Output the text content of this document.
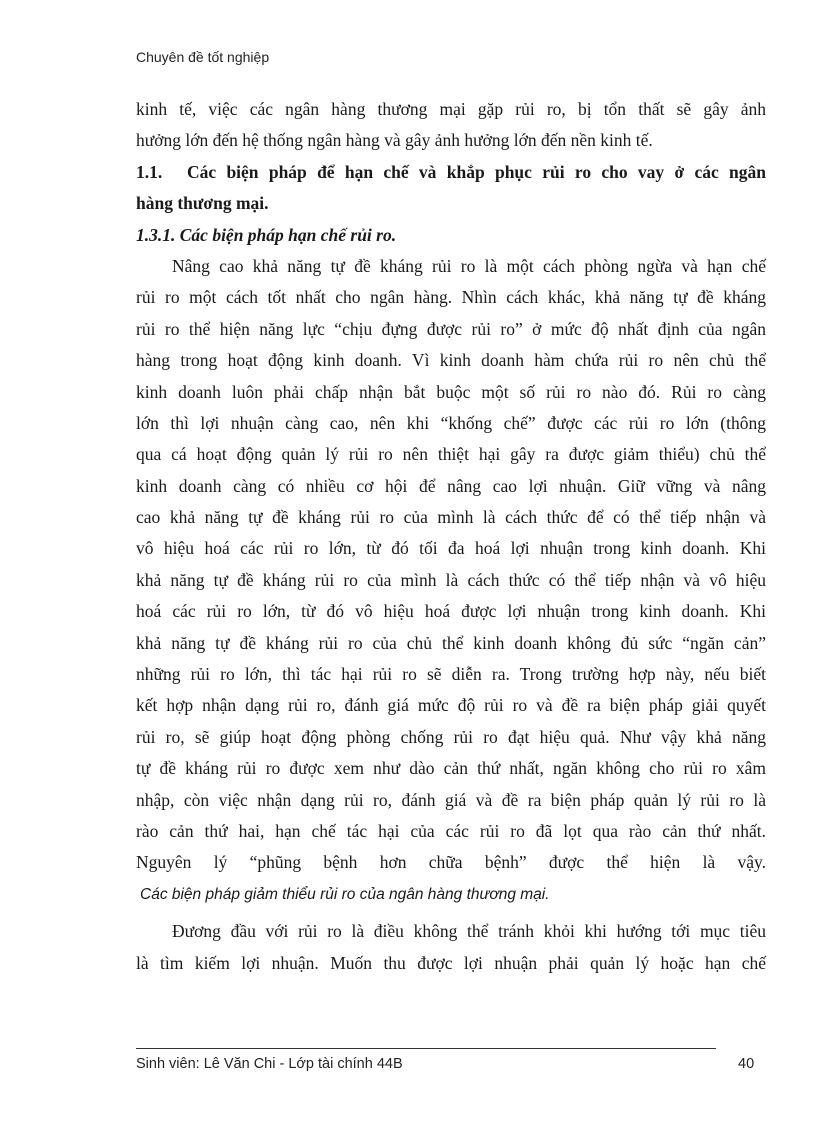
Chuyên đề tốt nghiệp
kinh tế, việc các ngân hàng thương mại gặp rủi ro, bị tổn thất sẽ gây ảnh
hưởng lớn đến hệ thống ngân hàng và gây ảnh hưởng lớn đến nền kinh tế.
1.1.	Các biện pháp để hạn chế và khắp phục rủi ro cho vay ở các ngân
hàng thương mại.
1.3.1. Các biện pháp hạn chế rủi ro.
Nâng cao khả năng tự đề kháng rủi ro là một cách phòng ngừa và hạn chế
rủi ro một cách tốt nhất cho ngân hàng. Nhìn cách khác, khả năng tự đề kháng
rủi ro thể hiện năng lực “chịu đựng được rủi ro” ở mức độ nhất định của ngân
hàng trong hoạt động kinh doanh. Vì kinh doanh hàm chứa rủi ro nên chủ thể
kinh doanh luôn phải chấp nhận bắt buộc một số rủi ro nào đó. Rủi ro càng
lớn thì lợi nhuận càng cao, nên khi “khống chế” được các rủi ro lớn (thông
qua cá hoạt động quản lý rủi ro nên thiệt hại gây ra được giảm thiểu) chủ thể
kinh doanh càng có nhiều cơ hội để nâng cao lợi nhuận. Giữ vững và nâng
cao khả năng tự đề kháng rủi ro của mình là cách thức để có thể tiếp nhận và
vô hiệu hoá các rủi ro lớn, từ đó tối đa hoá lợi nhuận trong kinh doanh. Khi
khả năng tự đề kháng rủi ro của mình là cách thức có thể tiếp nhận và vô hiệu
hoá các rủi ro lớn, từ đó vô hiệu hoá được lợi nhuận trong kinh doanh. Khi
khả năng tự đề kháng rủi ro của chủ thể kinh doanh không đủ sức “ngăn cản”
những rủi ro lớn, thì tác hại rủi ro sẽ diễn ra. Trong trường hợp này, nếu biết
kết hợp nhận dạng rủi ro, đánh giá mức độ rủi ro và đề ra biện pháp giải quyết
rủi ro, sẽ giúp hoạt động phòng chống rủi ro đạt hiệu quả. Như vậy khả năng
tự đề kháng rủi ro được xem như dào cản thứ nhất, ngăn không cho rủi ro xâm
nhập, còn việc nhận dạng rủi ro, đánh giá và đề ra biện pháp quản lý rủi ro là
rào cản thứ hai, hạn chế tác hại của các rủi ro đã lọt qua rào cản thứ nhất.
Nguyên lý “phũng bệnh hơn chữa bệnh” được thể hiện là vậy.
Các biện pháp giảm thiểu rủi ro của ngân hàng thương mại.
Đương đầu với rủi ro là điều không thể tránh khỏi khi hướng tới mục tiêu
là tìm kiếm lợi nhuận. Muốn thu được lợi nhuận phải quản lý hoặc hạn chế
Sinh viên: Lê Văn Chi - Lớp tài chính 44B	40
